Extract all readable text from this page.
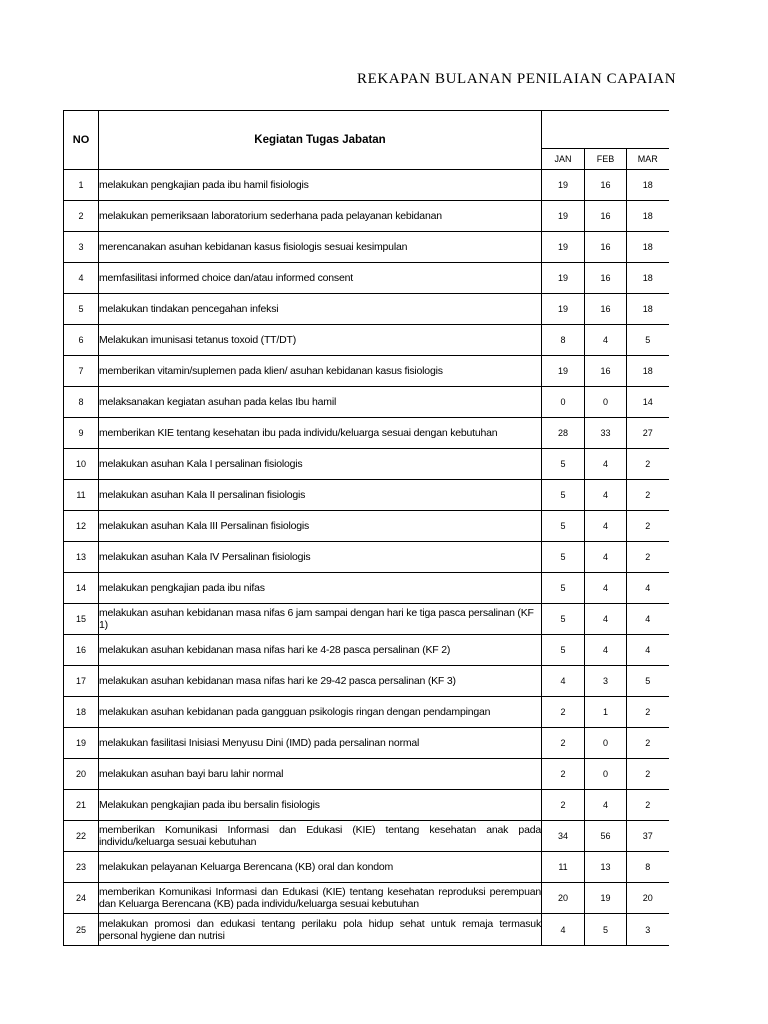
REKAPAN BULANAN PENILAIAN CAPAIAN
NO	Kegiatan Tugas Jabatan			
		JAN	FEB	MAR
1	melakukan pengkajian pada ibu hamil fisiologis	19	16	18
2	melakukan pemeriksaan laboratorium sederhana pada pelayanan kebidanan	19	16	18
3	merencanakan asuhan kebidanan kasus fisiologis sesuai kesimpulan	19	16	18
4	memfasilitasi informed choice dan/atau informed consent	19	16	18
5	melakukan tindakan pencegahan infeksi	19	16	18
6	Melakukan imunisasi tetanus toxoid (TT/DT)	8	4	5
7	memberikan vitamin/suplemen pada klien/ asuhan kebidanan kasus fisiologis	19	16	18
8	melaksanakan kegiatan asuhan pada kelas Ibu hamil	0	0	14
9	memberikan KIE tentang kesehatan ibu pada individu/keluarga sesuai dengan kebutuhan	28	33	27
10	melakukan asuhan Kala I persalinan fisiologis	5	4	2
11	melakukan asuhan Kala II persalinan fisiologis	5	4	2
12	melakukan asuhan Kala III Persalinan fisiologis	5	4	2
13	melakukan asuhan Kala IV Persalinan fisiologis	5	4	2
14	melakukan pengkajian pada ibu nifas	5	4	4
15	melakukan asuhan kebidanan masa nifas 6 jam sampai dengan hari ke tiga pasca persalinan (KF 1)	5	4	4
16	melakukan asuhan kebidanan masa nifas hari ke 4-28 pasca persalinan (KF 2)	5	4	4
17	melakukan asuhan kebidanan masa nifas hari ke 29-42 pasca persalinan (KF 3)	4	3	5
18	melakukan asuhan kebidanan pada gangguan psikologis ringan dengan pendampingan	2	1	2
19	melakukan fasilitasi Inisiasi Menyusu Dini (IMD) pada persalinan normal	2	0	2
20	melakukan asuhan bayi baru lahir normal	2	0	2
21	Melakukan pengkajian pada ibu bersalin fisiologis	2	4	2
22	memberikan Komunikasi Informasi dan Edukasi (KIE) tentang kesehatan anak pada individu/keluarga sesuai kebutuhan	34	56	37
23	melakukan pelayanan Keluarga Berencana (KB) oral dan kondom	11	13	8
24	memberikan Komunikasi Informasi dan Edukasi (KIE) tentang kesehatan reproduksi perempuan dan Keluarga Berencana (KB) pada individu/keluarga sesuai kebutuhan	20	19	20
25	melakukan promosi dan edukasi tentang perilaku pola hidup sehat untuk remaja termasuk personal hygiene dan nutrisi	4	5	3
